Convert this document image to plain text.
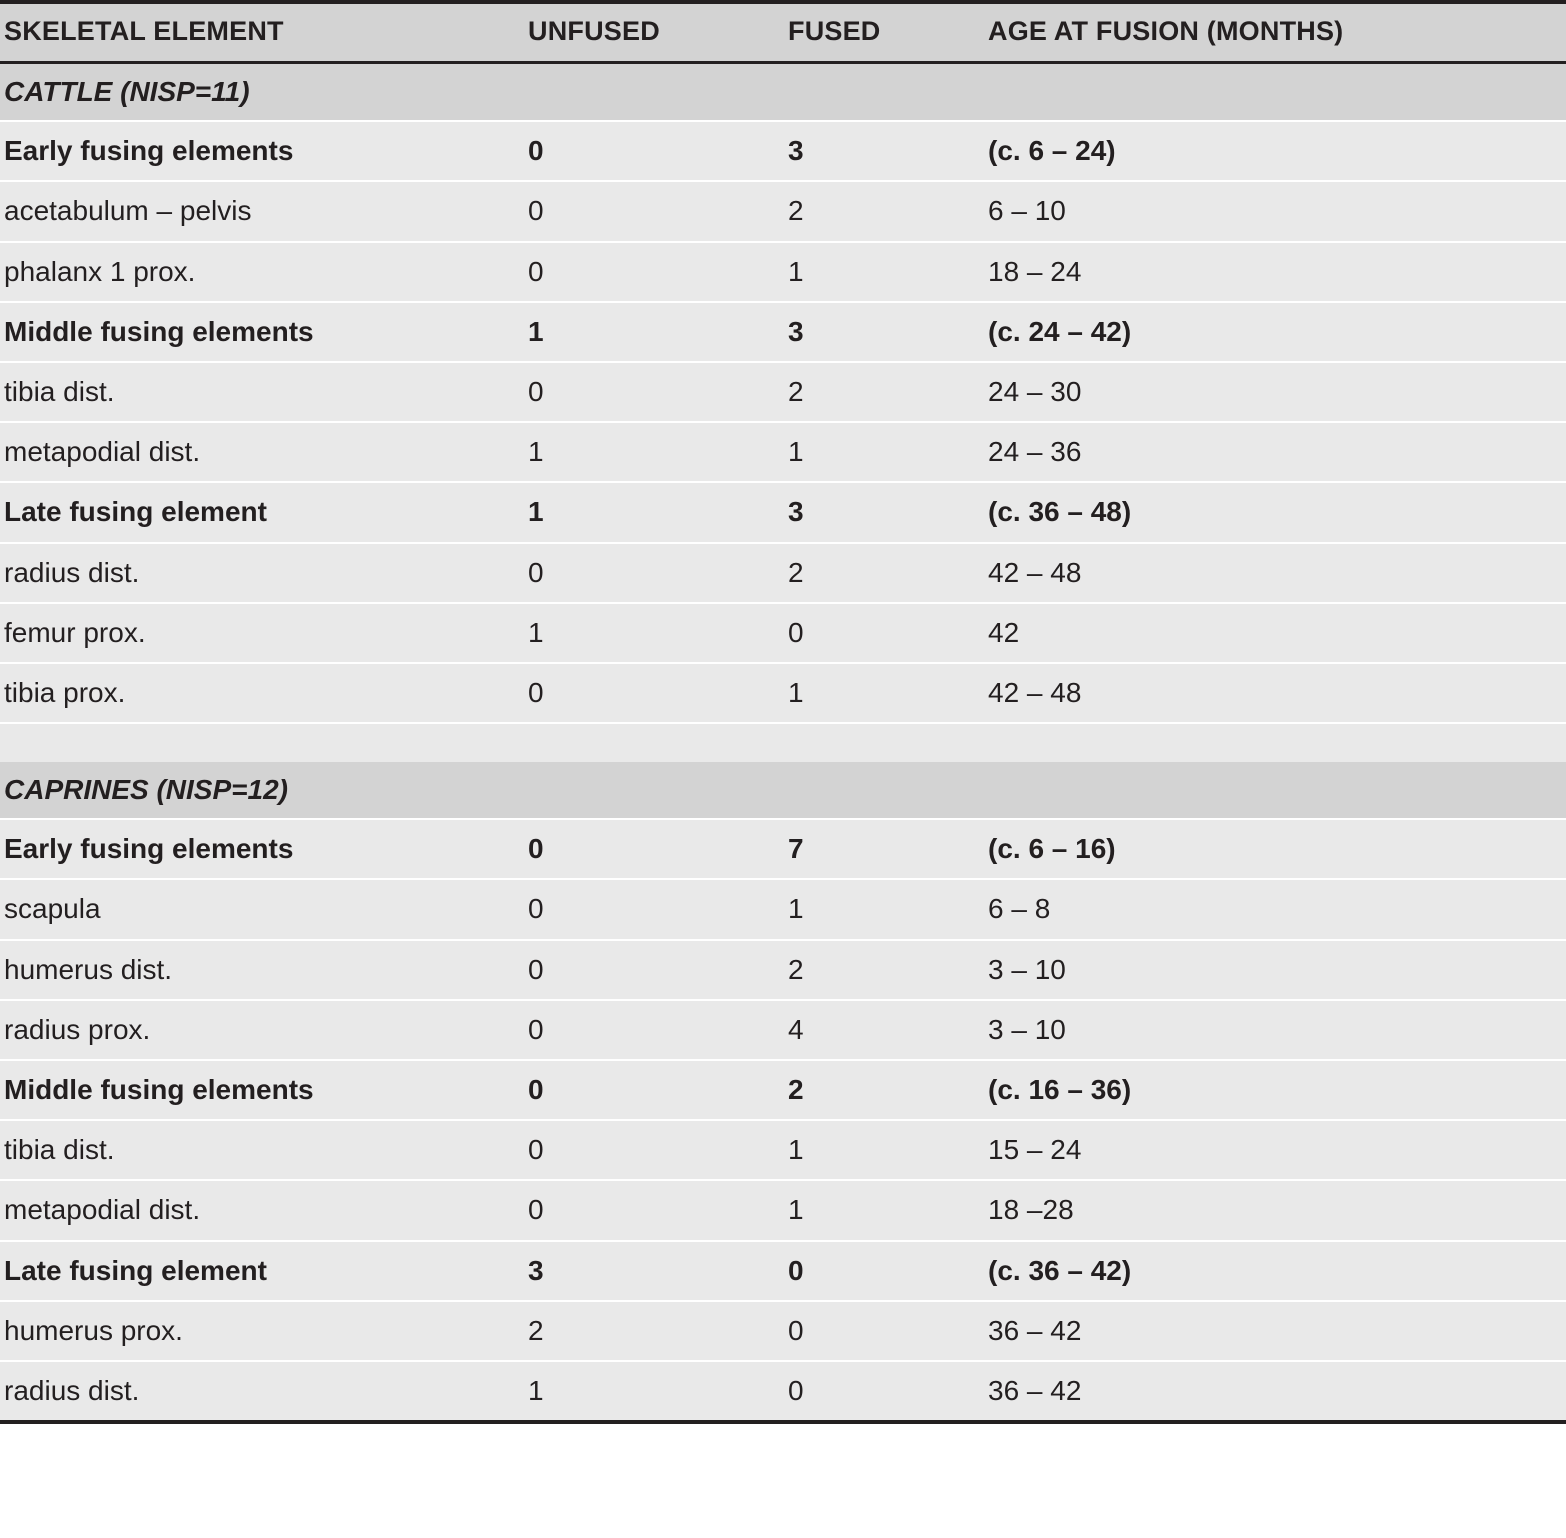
SKELETAL ELEMENT	UNFUSED	FUSED	AGE AT FUSION (MONTHS)
CATTLE (NISP=11)			
Early fusing elements	0	3	(c. 6 – 24)
acetabulum – pelvis	0	2	6 – 10
phalanx 1 prox.	0	1	18 – 24
Middle fusing elements	1	3	(c. 24 – 42)
tibia dist.	0	2	24 – 30
metapodial dist.	1	1	24 – 36
Late fusing element	1	3	(c. 36 – 48)
radius dist.	0	2	42 – 48
femur prox.	1	0	42
tibia prox.	0	1	42 – 48

CAPRINES (NISP=12)			
Early fusing elements	0	7	(c. 6 – 16)
scapula	0	1	6 – 8
humerus dist.	0	2	3 – 10
radius prox.	0	4	3 – 10
Middle fusing elements	0	2	(c. 16 – 36)
tibia dist.	0	1	15 – 24
metapodial dist.	0	1	18 –28
Late fusing element	3	0	(c. 36 – 42)
humerus prox.	2	0	36 – 42
radius dist.	1	0	36 – 42
